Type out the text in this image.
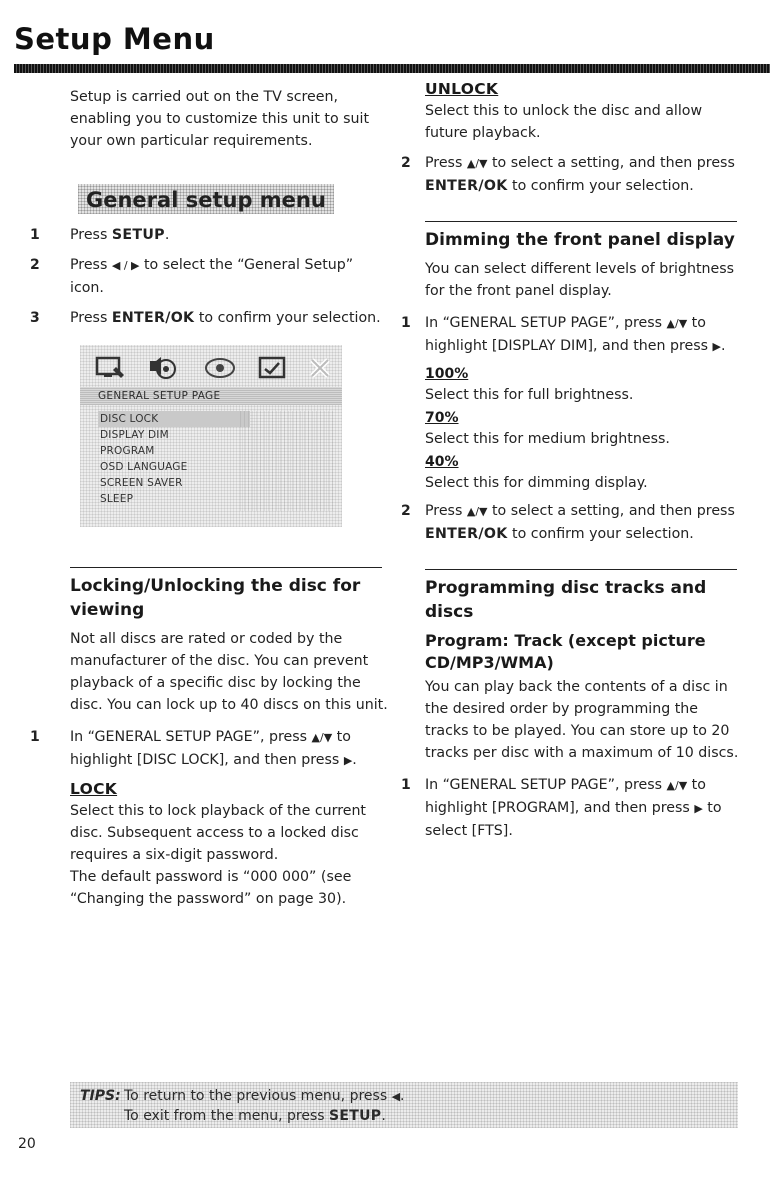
Setup Menu

Setup is carried out on the TV screen, enabling you to customize this unit to suit your own particular requirements.

General setup menu
1 Press SETUP.
2 Press ◀ / ▶ to select the “General Setup” icon.
3 Press ENTER/OK to confirm your selection.
GENERAL SETUP PAGE
DISC LOCK
DISPLAY DIM
PROGRAM
OSD LANGUAGE
SCREEN SAVER
SLEEP
Locking/Unlocking the disc for viewing

Not all discs are rated or coded by the manufacturer of the disc. You can prevent playback of a specific disc by locking the disc. You can lock up to 40 discs on this unit.

1 In “GENERAL SETUP PAGE”, press ▲/▼ to highlight [DISC LOCK], and then press ▶.
LOCK

Select this to lock playback of the current disc. Subsequent access to a locked disc requires a six-digit password.

The default password is “000 000” (see “Changing the password” on page 30).

UNLOCK

Select this to unlock the disc and allow future playback.

2 Press ▲/▼ to select a setting, and then press ENTER/OK to confirm your selection.
Dimming the front panel display

You can select different levels of brightness for the front panel display.

1 In “GENERAL SETUP PAGE”, press ▲/▼ to highlight [DISPLAY DIM], and then press ▶.
100%

Select this for full brightness.

70%

Select this for medium brightness.

40%

Select this for dimming display.

2 Press ▲/▼ to select a setting, and then press ENTER/OK to confirm your selection.
Programming disc tracks and discs
Program: Track (except picture CD/MP3/WMA)

You can play back the contents of a disc in the desired order by programming the tracks to be played. You can store up to 20 tracks per disc with a maximum of 10 discs.

1 In “GENERAL SETUP PAGE”, press ▲/▼ to highlight [PROGRAM], and then press ▶ to select [FTS].
TIPS: To return to the previous menu, press ◀.
To exit from the menu, press SETUP.
20
